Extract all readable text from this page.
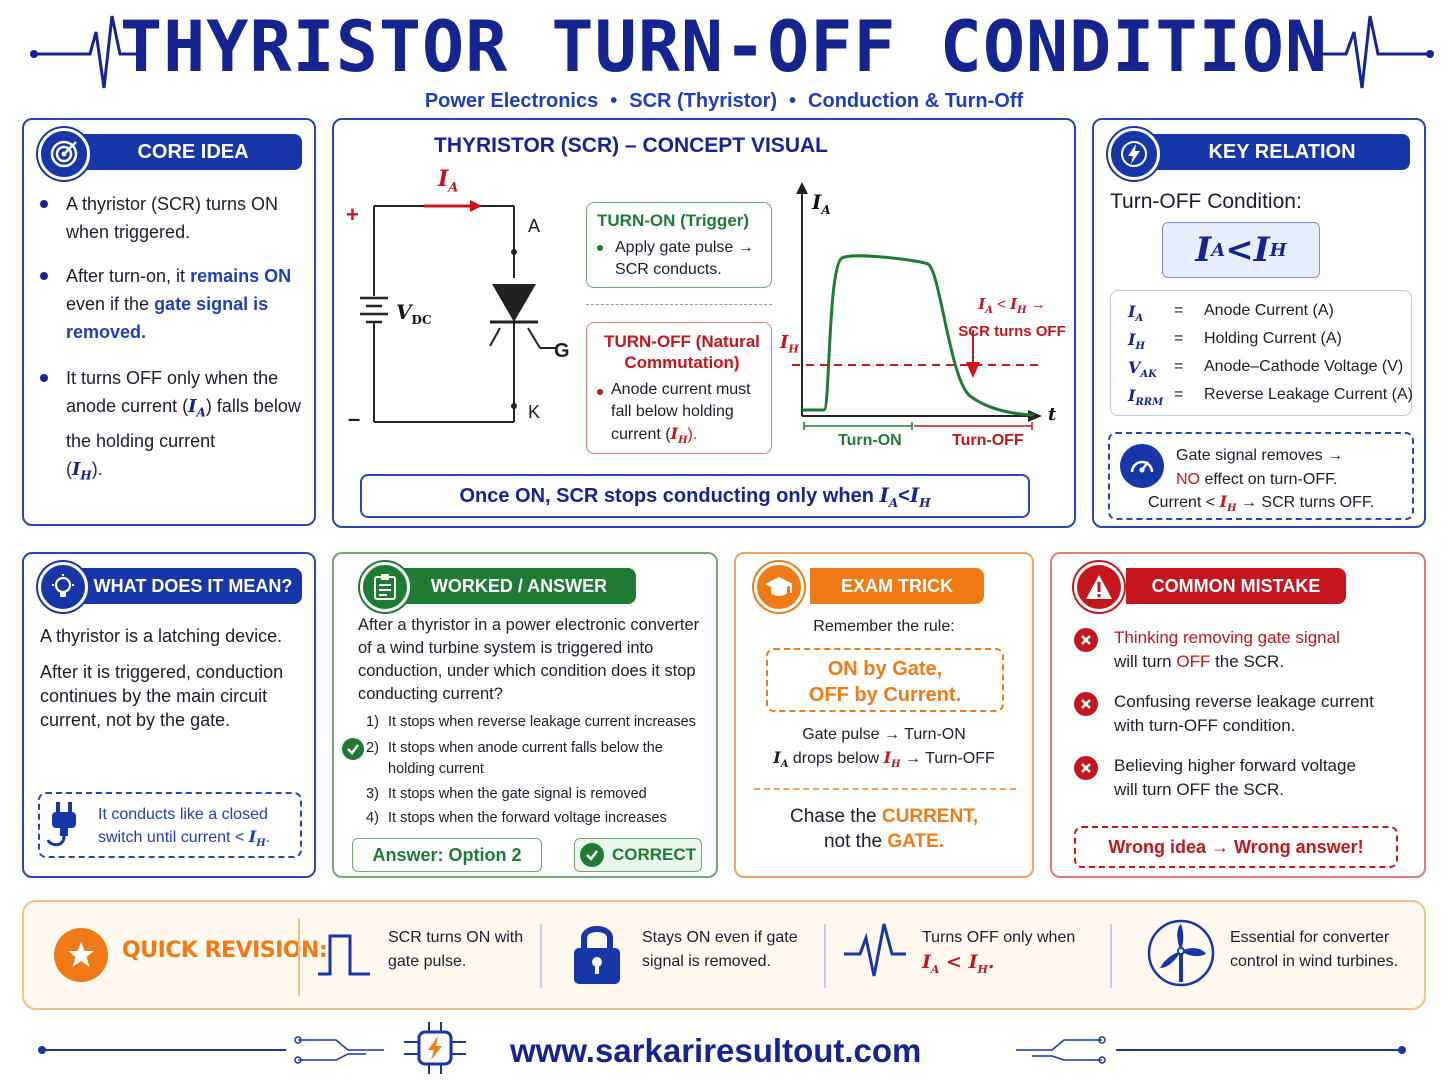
THYRISTOR TURN-OFF CONDITION
Power Electronics • SCR (Thyristor) • Conduction & Turn-Off
CORE IDEA
A thyristor (SCR) turns ON when triggered.
After turn-on, it remains ON even if the gate signal is removed.
It turns OFF only when the anode current $(I_A)$ falls below the holding current
$(I_H)$.
THYRISTOR (SCR) – CONCEPT VISUAL
$I_A$
+
–
$V_{DC}$
A
G
K
TURN-ON (Trigger)
Apply gate pulse → SCR conducts.
TURN-OFF (Natural Commutation)
Anode current must fall below holding current $(I_H)$.
$I_A$
t
$I_H$
$I_A < I_H$ →
SCR turns OFF
Turn-ON	Turn-OFF
Once ON, SCR stops conducting only when
$I_A < I_H$
KEY RELATION
Turn-OFF Condition:
I A < I H
$I_A$ = Anode Current (A)
$I_H$ = Holding Current (A)
$V_{AK}$ = Anode–Cathode Voltage (V)
$I_{RRM}$ = Reverse Leakage Current (A)
Gate signal removes →
NO effect on turn-OFF.
Current < $I_H$ → SCR turns OFF.
WHAT DOES IT MEAN?
A thyristor is a latching device.
After it is triggered, conduction continues by the main circuit current, not by the gate.
It conducts like a closed switch until current < $I_H$.
WORKED / ANSWER
After a thyristor in a power electronic converter of a wind turbine system is triggered into conduction, under which condition does it stop conducting current?
1) It stops when reverse leakage current increases
2) It stops when anode current falls below the holding current
3) It stops when the gate signal is removed
4) It stops when the forward voltage increases
Answer: Option 2	CORRECT
EXAM TRICK
Remember the rule:
ON by Gate,
OFF by Current.
Gate pulse → Turn-ON
$I_A$ drops below $I_H$ → Turn-OFF
Chase the CURRENT,
not the GATE.
COMMON MISTAKE
Thinking removing gate signal
will turn OFF the SCR.
Confusing reverse leakage current with turn-OFF condition.
Believing higher forward voltage will turn OFF the SCR.
Wrong idea → Wrong answer!
QUICK REVISION:
SCR turns ON with gate pulse.
Stays ON even if gate signal is removed.
Turns OFF only when
$I_A < I_H$.
Essential for converter control in wind turbines.
www.sarkariresultout.com
